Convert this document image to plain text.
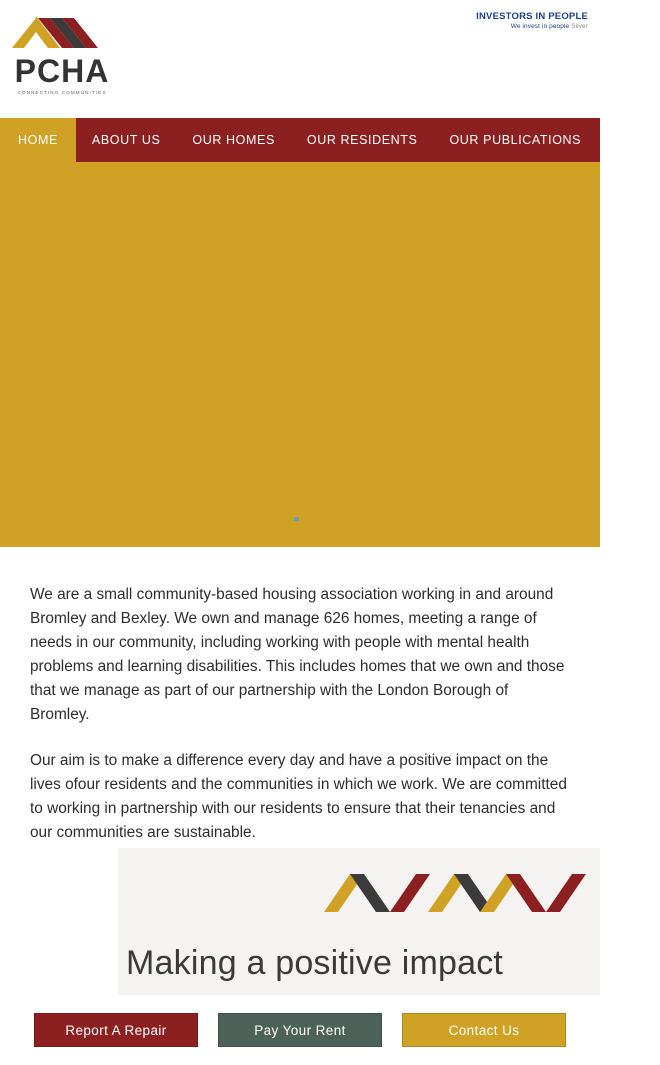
PCHA
CONNECTING COMMUNITIES
INVESTORS IN PEOPLE
We invest in people Silver
HOME	ABOUT US	OUR HOMES	OUR RESIDENTS	OUR PUBLICATIONS	More

We are a small community-based housing association working in and around Bromley and Bexley. We own and manage 626 homes, meeting a range of needs in our community, including working with people with mental health problems and learning disabilities. This includes homes that we own and those that we manage as part of our partnership with the London Borough of Bromley.

Our aim is to make a difference every day and have a positive impact on the lives ofour residents and the communities in which we work. We are committed to working in partnership with our residents to ensure that their tenancies and our communities are sustainable.

Making a positive impact
Report A Repair	Pay Your Rent	Contact Us
